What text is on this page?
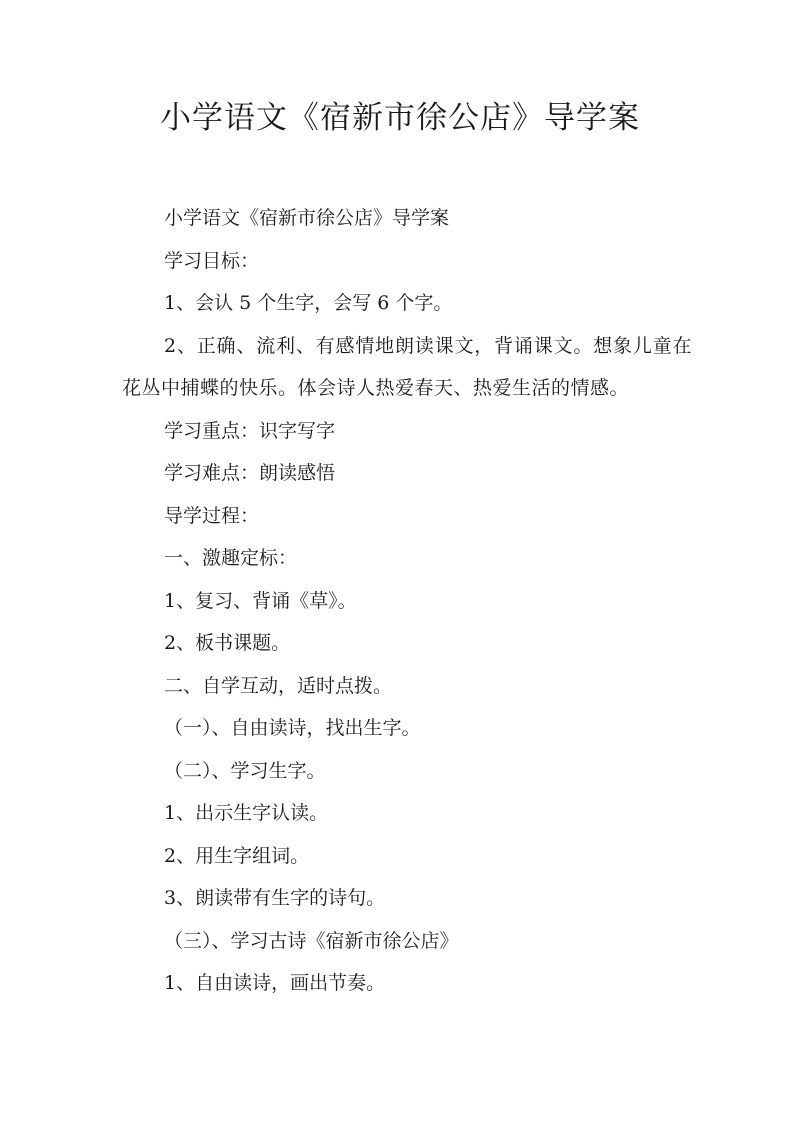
小学语文《宿新市徐公店》导学案

小学语文《宿新市徐公店》导学案

学习目标：

1、会认 5 个生字，会写 6 个字。

2、正确、流利、有感情地朗读课文，背诵课文。想象儿童在花丛中捕蝶的快乐。体会诗人热爱春天、热爱生活的情感。

学习重点：识字写字

学习难点：朗读感悟

导学过程：

一、激趣定标：

1、复习、背诵《草》。

2、板书课题。

二、自学互动，适时点拨。

（一）、自由读诗，找出生字。

（二）、学习生字。

1、出示生字认读。

2、用生字组词。

3、朗读带有生字的诗句。

（三）、学习古诗《宿新市徐公店》

1、自由读诗，画出节奏。
